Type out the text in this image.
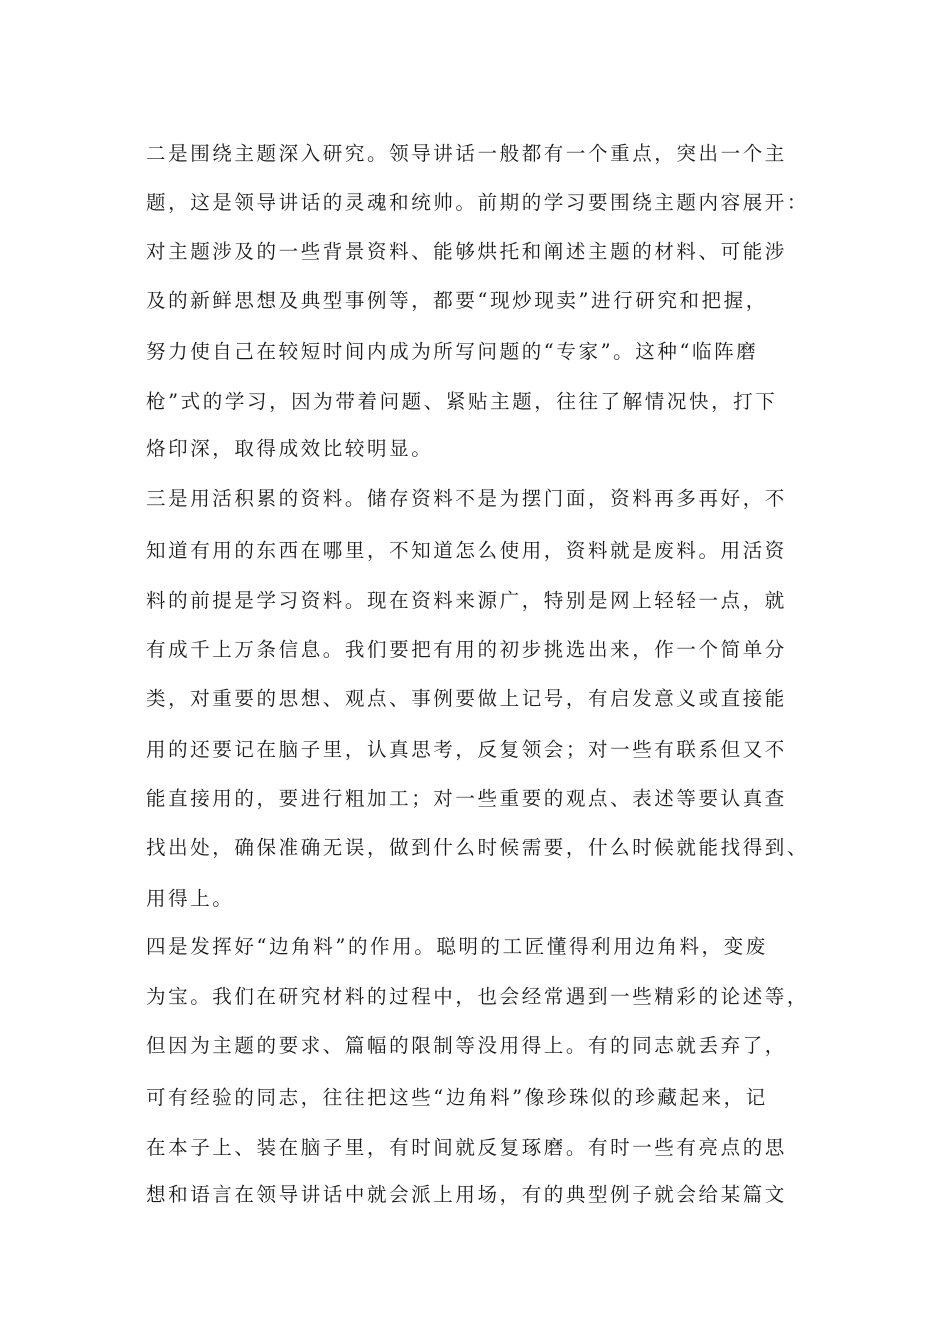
二是围绕主题深入研究。领导讲话一般都有一个重点，突出一个主
题，这是领导讲话的灵魂和统帅。前期的学习要围绕主题内容展开：
对主题涉及的一些背景资料、能够烘托和阐述主题的材料、可能涉
及的新鲜思想及典型事例等，都要“现炒现卖”进行研究和把握，
努力使自己在较短时间内成为所写问题的“专家”。这种“临阵磨
枪”式的学习，因为带着问题、紧贴主题，往往了解情况快，打下
烙印深，取得成效比较明显。
三是用活积累的资料。储存资料不是为摆门面，资料再多再好，不
知道有用的东西在哪里，不知道怎么使用，资料就是废料。用活资
料的前提是学习资料。现在资料来源广，特别是网上轻轻一点，就
有成千上万条信息。我们要把有用的初步挑选出来，作一个简单分
类，对重要的思想、观点、事例要做上记号，有启发意义或直接能
用的还要记在脑子里，认真思考，反复领会；对一些有联系但又不
能直接用的，要进行粗加工；对一些重要的观点、表述等要认真查
找出处，确保准确无误，做到什么时候需要，什么时候就能找得到、
用得上。
四是发挥好“边角料”的作用。聪明的工匠懂得利用边角料，变废
为宝。我们在研究材料的过程中，也会经常遇到一些精彩的论述等，
但因为主题的要求、篇幅的限制等没用得上。有的同志就丢弃了，
可有经验的同志，往往把这些“边角料”像珍珠似的珍藏起来，记
在本子上、装在脑子里，有时间就反复琢磨。有时一些有亮点的思
想和语言在领导讲话中就会派上用场，有的典型例子就会给某篇文
